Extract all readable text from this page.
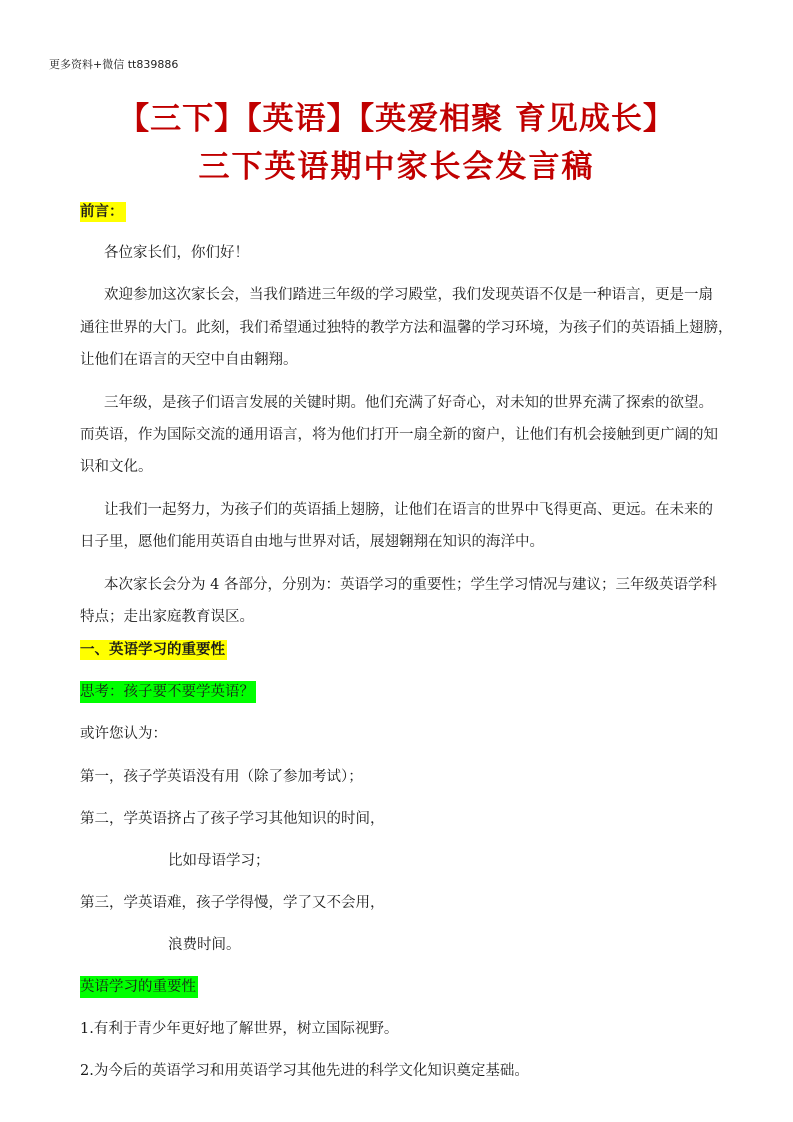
更多资料+微信 tt839886
【三下】【英语】【英爱相聚 育见成长】
三下英语期中家长会发言稿
前言：
各位家长们，你们好！
欢迎参加这次家长会，当我们踏进三年级的学习殿堂，我们发现英语不仅是一种语言，更是一扇
通往世界的大门。此刻，我们希望通过独特的教学方法和温馨的学习环境，为孩子们的英语插上翅膀，
让他们在语言的天空中自由翱翔。
三年级，是孩子们语言发展的关键时期。他们充满了好奇心，对未知的世界充满了探索的欲望。
而英语，作为国际交流的通用语言，将为他们打开一扇全新的窗户，让他们有机会接触到更广阔的知
识和文化。
让我们一起努力，为孩子们的英语插上翅膀，让他们在语言的世界中飞得更高、更远。在未来的
日子里，愿他们能用英语自由地与世界对话，展翅翱翔在知识的海洋中。
本次家长会分为 4 各部分，分别为：英语学习的重要性；学生学习情况与建议；三年级英语学科
特点；走出家庭教育误区。
一、英语学习的重要性
思考：孩子要不要学英语？
或许您认为：
第一，孩子学英语没有用（除了参加考试）；
第二，学英语挤占了孩子学习其他知识的时间，
比如母语学习；
第三，学英语难，孩子学得慢，学了又不会用，
浪费时间。
英语学习的重要性
1.有利于青少年更好地了解世界，树立国际视野。
2.为今后的英语学习和用英语学习其他先进的科学文化知识奠定基础。
